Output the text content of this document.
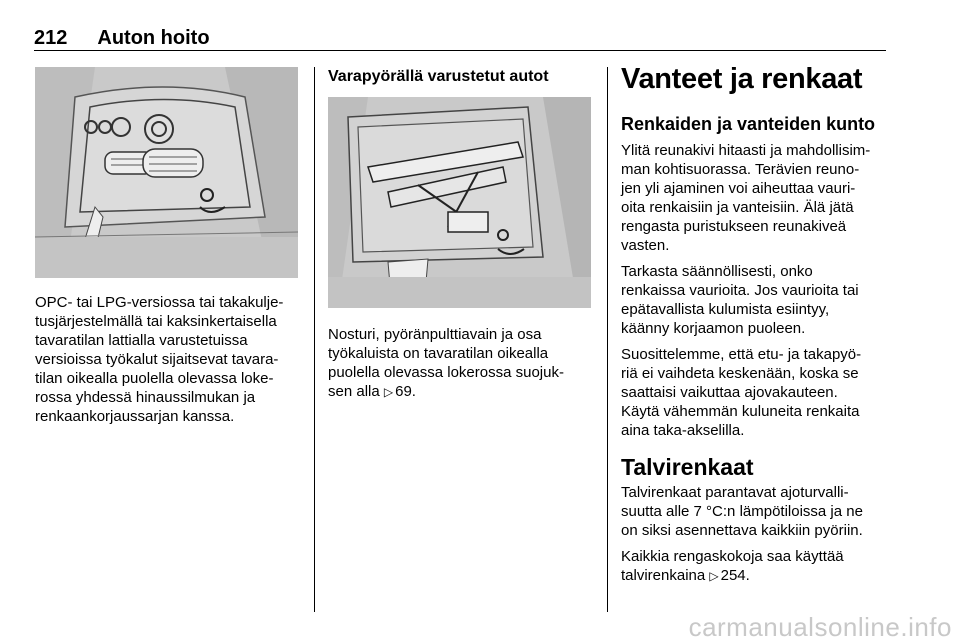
212 Auton hoito
OPC- tai LPG-versiossa tai takakulje-
tusjärjestelmällä tai kaksinkertaisella
tavaratilan lattialla varustetuissa
versioissa työkalut sijaitsevat tavara-
tilan oikealla puolella olevassa loke-
rossa yhdessä hinaussilmukan ja
renkaankorjaussarjan kanssa.
Varapyörällä varustetut autot
Nosturi, pyöränpulttiavain ja osa
työkaluista on tavaratilan oikealla
puolella olevassa lokerossa suojuk-
sen alla ▷ 69.
Vanteet ja renkaat
Renkaiden ja vanteiden kunto

Ylitä reunakivi hitaasti ja mahdollisim-
man kohtisuorassa. Terävien reuno-
jen yli ajaminen voi aiheuttaa vauri-
oita renkaisiin ja vanteisiin. Älä jätä
rengasta puristukseen reunakiveä
vasten.

Tarkasta säännöllisesti, onko
renkaissa vaurioita. Jos vaurioita tai
epätavallista kulumista esiintyy,
käänny korjaamon puoleen.

Suosittelemme, että etu- ja takapyö-
riä ei vaihdeta keskenään, koska se
saattaisi vaikuttaa ajovakauteen.
Käytä vähemmän kuluneita renkaita
aina taka-akselilla.

Talvirenkaat

Talvirenkaat parantavat ajoturvalli-
suutta alle 7 °C:n lämpötiloissa ja ne
on siksi asennettava kaikkiin pyöriin.

Kaikkia rengaskokoja saa käyttää
talvirenkaina ▷ 254.

carmanualsonline.info
